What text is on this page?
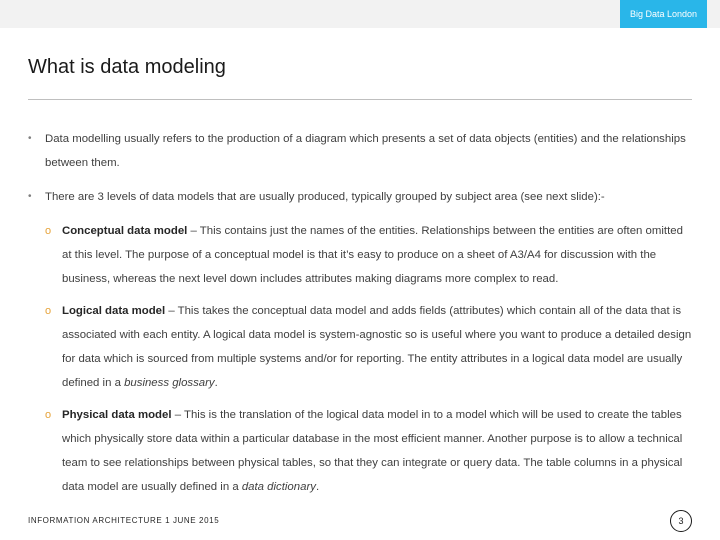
Big Data London
What is data modeling
• Data modelling usually refers to the production of a diagram which presents a set of data objects (entities) and the relationships between them.
• There are 3 levels of data models that are usually produced, typically grouped by subject area (see next slide):-
o Conceptual data model – This contains just the names of the entities. Relationships between the entities are often omitted at this level. The purpose of a conceptual model is that it’s easy to produce on a sheet of A3/A4 for discussion with the business, whereas the next level down includes attributes making diagrams more complex to read.
o Logical data model – This takes the conceptual data model and adds fields (attributes) which contain all of the data that is associated with each entity. A logical data model is system-agnostic so is useful where you want to produce a detailed design for data which is sourced from multiple systems and/or for reporting. The entity attributes in a logical data model are usually defined in a business glossary.
o Physical data model – This is the translation of the logical data model in to a model which will be used to create the tables which physically store data within a particular database in the most efficient manner. Another purpose is to allow a technical team to see relationships between physical tables, so that they can integrate or query data. The table columns in a physical data model are usually defined in a data dictionary.
INFORMATION ARCHITECTURE 1 JUNE 2015	3
